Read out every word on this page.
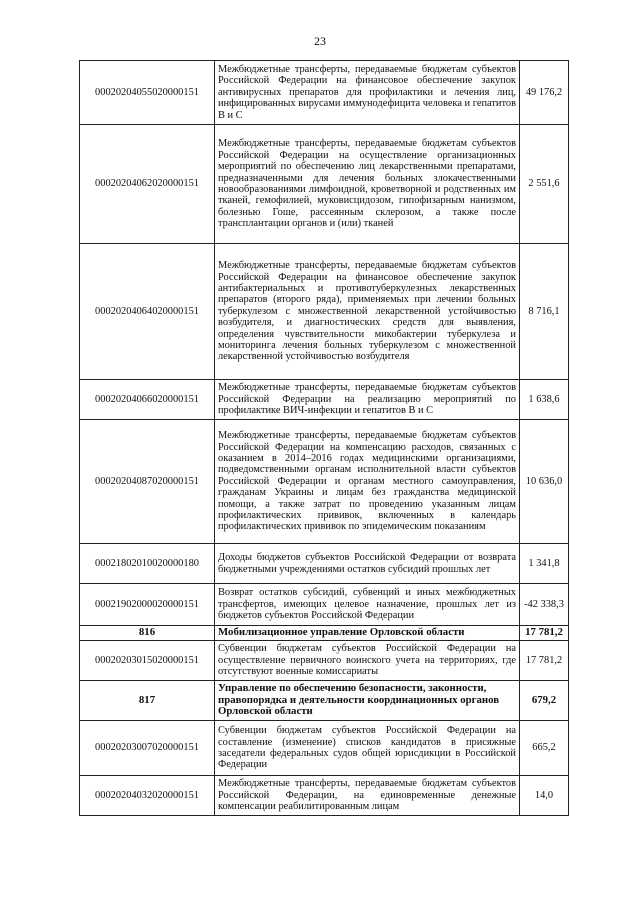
23
00020204055020000151	Межбюджетные трансферты, передаваемые бюджетам субъектов Российской Федерации на финансовое обеспечение закупок антивирусных препаратов для профилактики и лечения лиц, инфицированных вирусами иммунодефицита человека и гепатитов В и С	49 176,2
00020204062020000151	Межбюджетные трансферты, передаваемые бюджетам субъектов Российской Федерации на осуществление организационных мероприятий по обеспечению лиц лекарственными препаратами, предназначенными для лечения больных злокачественными новообразованиями лимфоидной, кроветворной и родственных им тканей, гемофилией, муковисцидозом, гипофизарным нанизмом, болезнью Гоше, рассеянным склерозом, а также после трансплантации органов и (или) тканей	2 551,6
00020204064020000151	Межбюджетные трансферты, передаваемые бюджетам субъектов Российской Федерации на финансовое обеспечение закупок антибактериальных и противотуберкулезных лекарственных препаратов (второго ряда), применяемых при лечении больных туберкулезом с множественной лекарственной устойчивостью возбудителя, и диагностических средств для выявления, определения чувствительности микобактерии туберкулеза и мониторинга лечения больных туберкулезом с множественной лекарственной устойчивостью возбудителя	8 716,1
00020204066020000151	Межбюджетные трансферты, передаваемые бюджетам субъектов Российской Федерации на реализацию мероприятий по профилактике ВИЧ-инфекции и гепатитов В и С	1 638,6
00020204087020000151	Межбюджетные трансферты, передаваемые бюджетам субъектов Российской Федерации на компенсацию расходов, связанных с оказанием в 2014–2016 годах медицинскими организациями, подведомственными органам исполнительной власти субъектов Российской Федерации и органам местного самоуправления, гражданам Украины и лицам без гражданства медицинской помощи, а также затрат по проведению указанным лицам профилактических прививок, включенных в календарь профилактических прививок по эпидемическим показаниям	10 636,0
00021802010020000180	Доходы бюджетов субъектов Российской Федерации от возврата бюджетными учреждениями остатков субсидий прошлых лет	1 341,8
00021902000020000151	Возврат остатков субсидий, субвенций и иных межбюджетных трансфертов, имеющих целевое назначение, прошлых лет из бюджетов субъектов Российской Федерации	-42 338,3
816	Мобилизационное управление Орловской области	17 781,2
00020203015020000151	Субвенции бюджетам субъектов Российской Федерации на осуществление первичного воинского учета на территориях, где отсутствуют военные комиссариаты	17 781,2
817	Управление по обеспечению безопасности, законности, правопорядка и деятельности координационных органов Орловской области	679,2
00020203007020000151	Субвенции бюджетам субъектов Российской Федерации на составление (изменение) списков кандидатов в присяжные заседатели федеральных судов общей юрисдикции в Российской Федерации	665,2
00020204032020000151	Межбюджетные трансферты, передаваемые бюджетам субъектов Российской Федерации, на единовременные денежные компенсации реабилитированным лицам	14,0
